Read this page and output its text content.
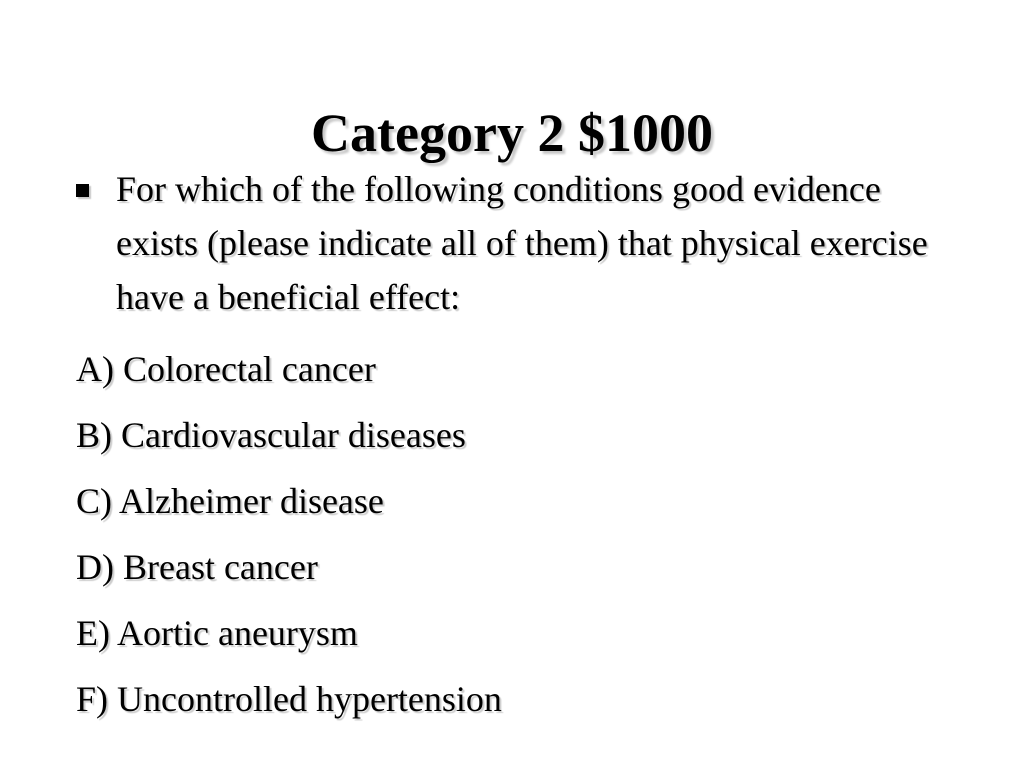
Category 2 $1000
For which of the following conditions good evidence exists (please indicate all of them) that physical exercise have a beneficial effect:
A) Colorectal cancer
B) Cardiovascular diseases
C) Alzheimer disease
D) Breast cancer
E) Aortic aneurysm
F) Uncontrolled hypertension
